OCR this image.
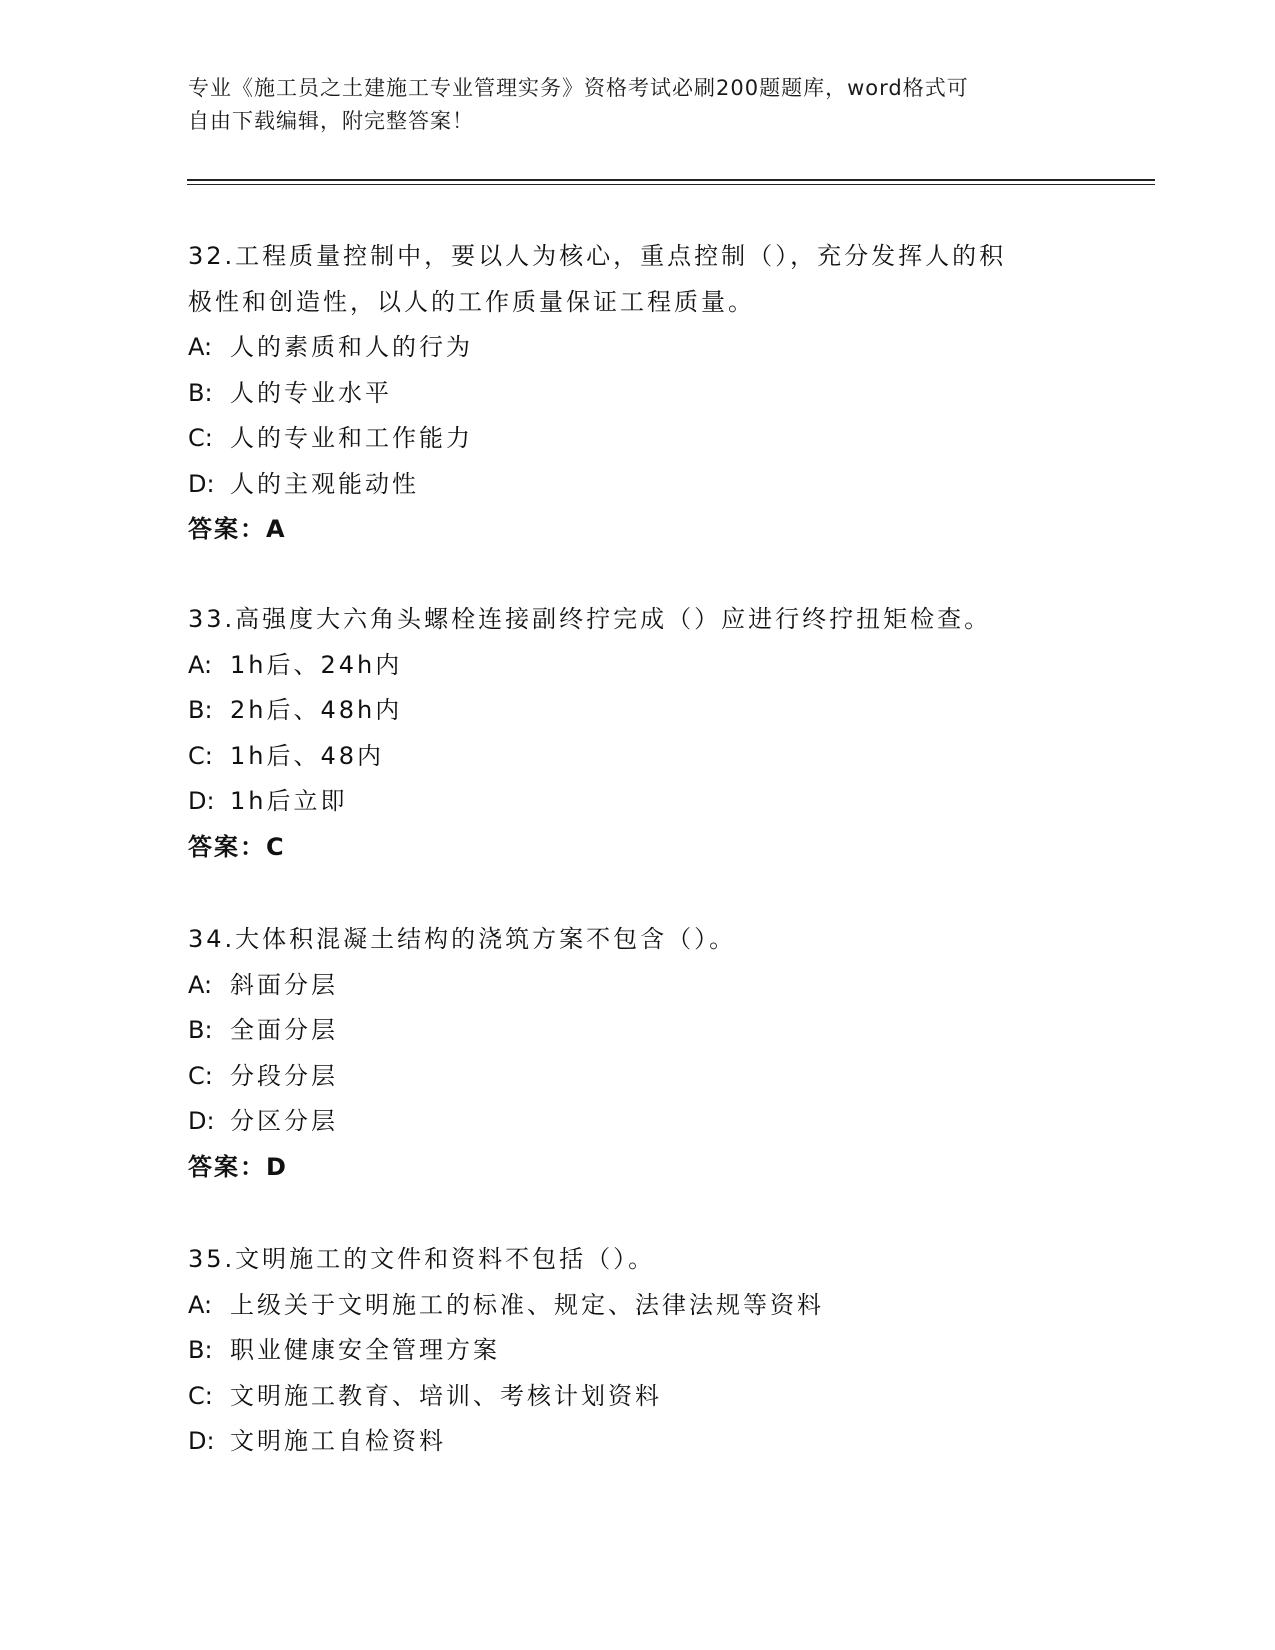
专业《施工员之土建施工专业管理实务》资格考试必刷200题题库，word格式可
自由下载编辑，附完整答案！
32.工程质量控制中，要以人为核心，重点控制（），充分发挥人的积
极性和创造性，以人的工作质量保证工程质量。
A: 人的素质和人的行为
B: 人的专业水平
C: 人的专业和工作能力
D: 人的主观能动性
答案：A
33.高强度大六角头螺栓连接副终拧完成（）应进行终拧扭矩检查。
A: 1h后、24h内
B: 2h后、48h内
C: 1h后、48内
D: 1h后立即
答案：C
34.大体积混凝土结构的浇筑方案不包含（）。
A: 斜面分层
B: 全面分层
C: 分段分层
D: 分区分层
答案：D
35.文明施工的文件和资料不包括（）。
A: 上级关于文明施工的标准、规定、法律法规等资料
B: 职业健康安全管理方案
C: 文明施工教育、培训、考核计划资料
D: 文明施工自检资料
